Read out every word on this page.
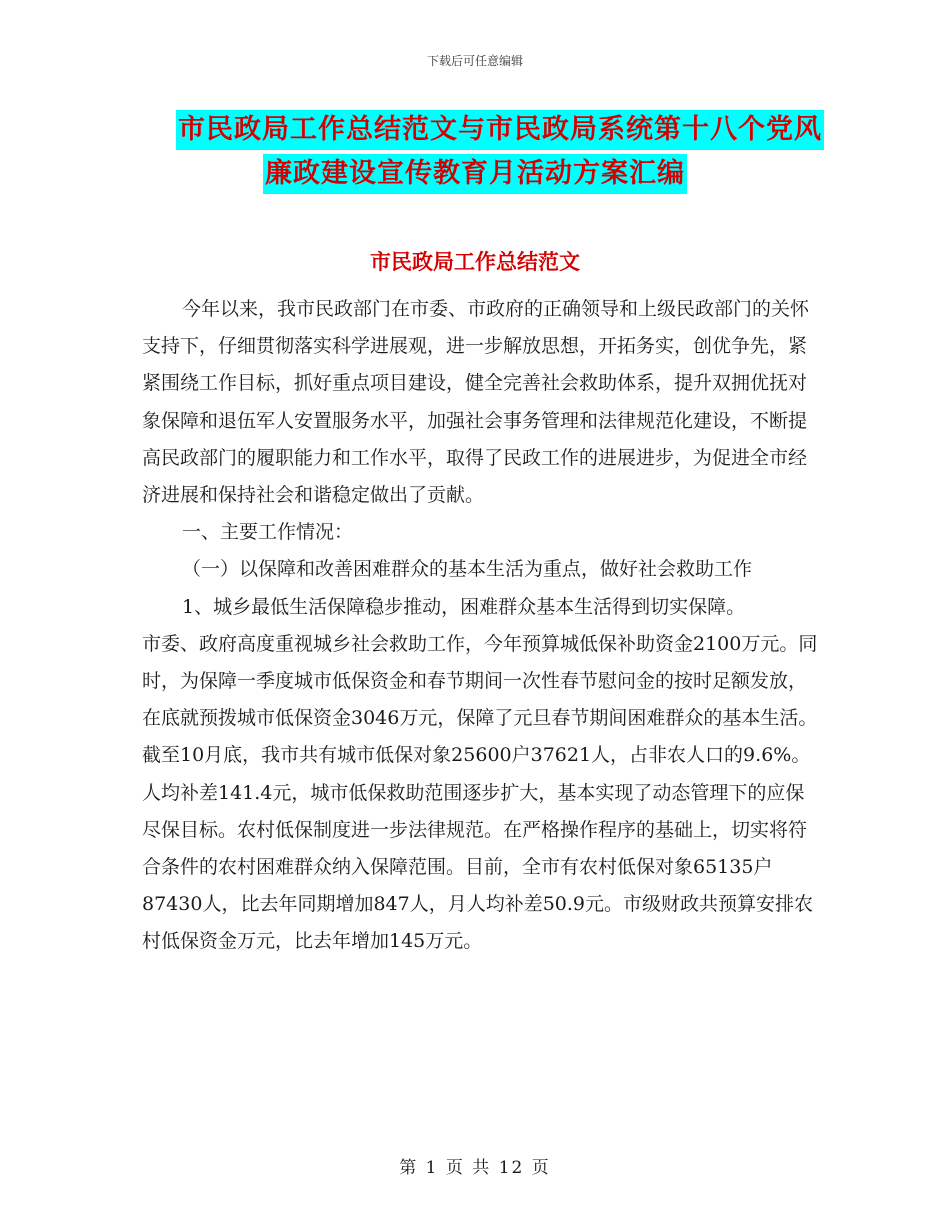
下载后可任意编辑
市民政局工作总结范文与市民政局系统第十八个党风
廉政建设宣传教育月活动方案汇编
市民政局工作总结范文

今年以来，我市民政部门在市委、市政府的正确领导和上级民政部门的关怀支持下，仔细贯彻落实科学进展观，进一步解放思想，开拓务实，创优争先，紧紧围绕工作目标，抓好重点项目建设，健全完善社会救助体系，提升双拥优抚对象保障和退伍军人安置服务水平，加强社会事务管理和法律规范化建设，不断提高民政部门的履职能力和工作水平，取得了民政工作的进展进步，为促进全市经济进展和保持社会和谐稳定做出了贡献。

一、主要工作情况：

（一）以保障和改善困难群众的基本生活为重点，做好社会救助工作

1、城乡最低生活保障稳步推动，困难群众基本生活得到切实保障。

市委、政府高度重视城乡社会救助工作，今年预算城低保补助资金2100万元。同时，为保障一季度城市低保资金和春节期间一次性春节慰问金的按时足额发放，在底就预拨城市低保资金3046万元，保障了元旦春节期间困难群众的基本生活。截至10月底，我市共有城市低保对象25600户37621人，占非农人口的9.6%。人均补差141.4元，城市低保救助范围逐步扩大，基本实现了动态管理下的应保尽保目标。农村低保制度进一步法律规范。在严格操作程序的基础上，切实将符合条件的农村困难群众纳入保障范围。目前，全市有农村低保对象65135户87430人，比去年同期增加847人，月人均补差50.9元。市级财政共预算安排农村低保资金万元，比去年增加145万元。

第 1 页 共 12 页
